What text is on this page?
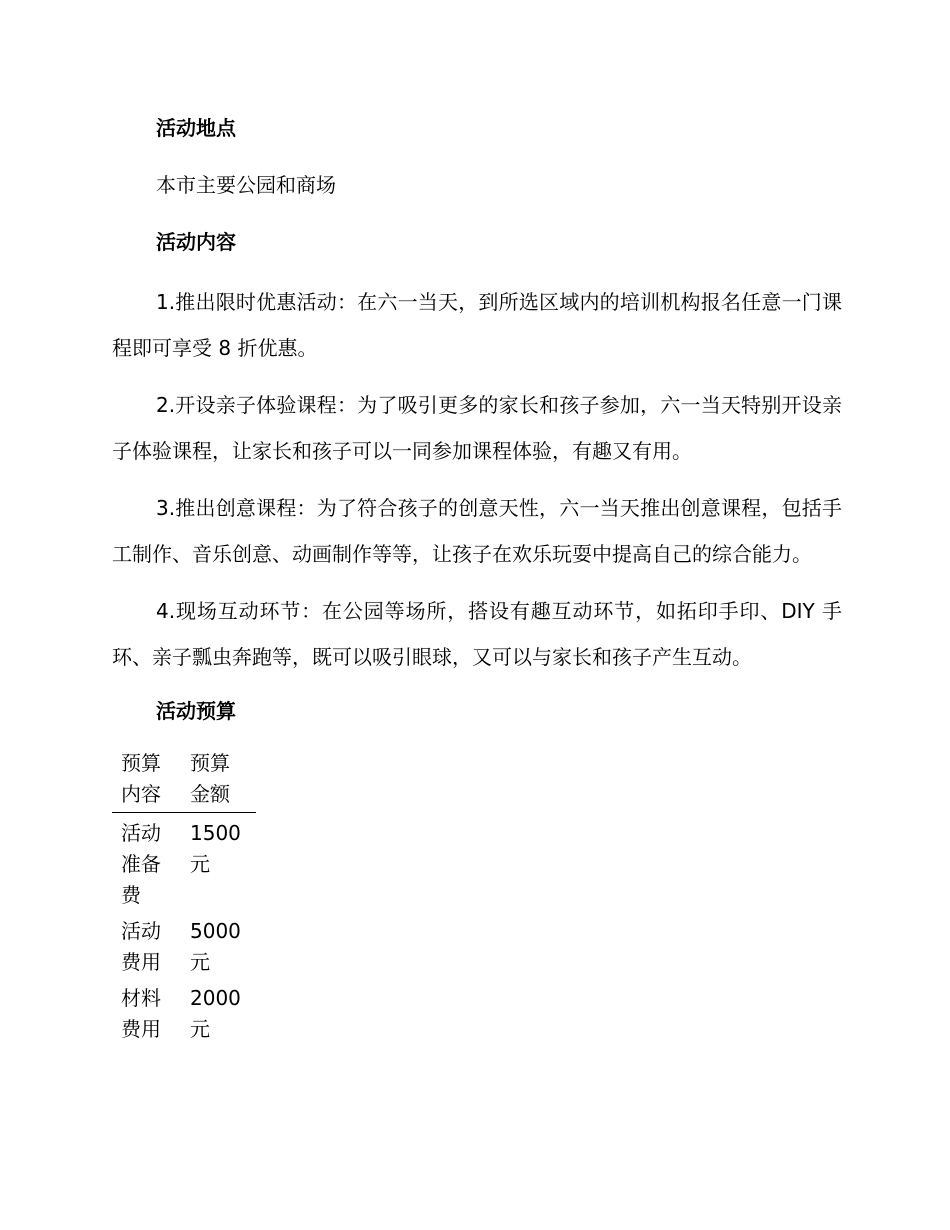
活动地点

本市主要公园和商场

活动内容

1.推出限时优惠活动：在六一当天，到所选区域内的培训机构报名任意一门课程即可享受 8 折优惠。

2.开设亲子体验课程：为了吸引更多的家长和孩子参加，六一当天特别开设亲子体验课程，让家长和孩子可以一同参加课程体验，有趣又有用。

3.推出创意课程：为了符合孩子的创意天性，六一当天推出创意课程，包括手工制作、音乐创意、动画制作等等，让孩子在欢乐玩耍中提高自己的综合能力。

4.现场互动环节：在公园等场所，搭设有趣互动环节，如拓印手印、DIY 手环、亲子瓢虫奔跑等，既可以吸引眼球，又可以与家长和孩子产生互动。

活动预算
预算内容	预算金额
活动准备费	1500 元
活动费用	5000 元
材料费用	2000 元
